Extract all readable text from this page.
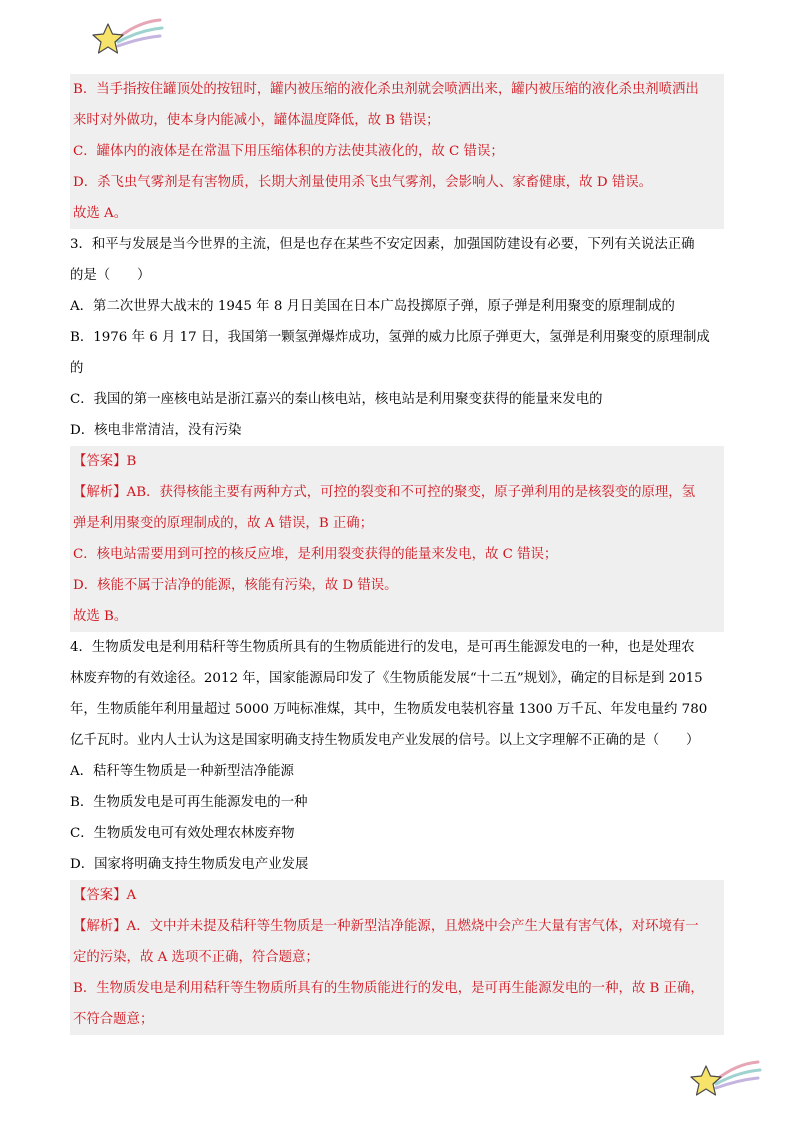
B．当手指按住罐顶处的按钮时，罐内被压缩的液化杀虫剂就会喷洒出来，罐内被压缩的液化杀虫剂喷洒出
来时对外做功，使本身内能减小，罐体温度降低，故 B 错误；
C．罐体内的液体是在常温下用压缩体积的方法使其液化的，故 C 错误；
D．杀飞虫气雾剂是有害物质，长期大剂量使用杀飞虫气雾剂，会影响人、家畜健康，故 D 错误。
故选 A。
3．和平与发展是当今世界的主流，但是也存在某些不安定因素，加强国防建设有必要，下列有关说法正确
的是（　　）
A．第二次世界大战末的 1945 年 8 月日美国在日本广岛投掷原子弹，原子弹是利用聚变的原理制成的
B．1976 年 6 月 17 日，我国第一颗氢弹爆炸成功，氢弹的威力比原子弹更大，氢弹是利用聚变的原理制成
的
C．我国的第一座核电站是浙江嘉兴的秦山核电站，核电站是利用聚变获得的能量来发电的
D．核电非常清洁，没有污染
【答案】B
【解析】AB．获得核能主要有两种方式，可控的裂变和不可控的聚变，原子弹利用的是核裂变的原理，氢
弹是利用聚变的原理制成的，故 A 错误，B 正确；
C．核电站需要用到可控的核反应堆，是利用裂变获得的能量来发电，故 C 错误；
D．核能不属于洁净的能源，核能有污染，故 D 错误。
故选 B。
4．生物质发电是利用秸秆等生物质所具有的生物质能进行的发电，是可再生能源发电的一种，也是处理农
林废弃物的有效途径。2012 年，国家能源局印发了《生物质能发展“十二五”规划》，确定的目标是到 2015
年，生物质能年利用量超过 5000 万吨标准煤，其中，生物质发电装机容量 1300 万千瓦、年发电量约 780
亿千瓦时。业内人士认为这是国家明确支持生物质发电产业发展的信号。以上文字理解不正确的是（　　）
A．秸秆等生物质是一种新型洁净能源
B．生物质发电是可再生能源发电的一种
C．生物质发电可有效处理农林废弃物
D．国家将明确支持生物质发电产业发展
【答案】A
【解析】A．文中并未提及秸秆等生物质是一种新型洁净能源，且燃烧中会产生大量有害气体，对环境有一
定的污染，故 A 选项不正确，符合题意；
B．生物质发电是利用秸秆等生物质所具有的生物质能进行的发电，是可再生能源发电的一种，故 B 正确，
不符合题意；
